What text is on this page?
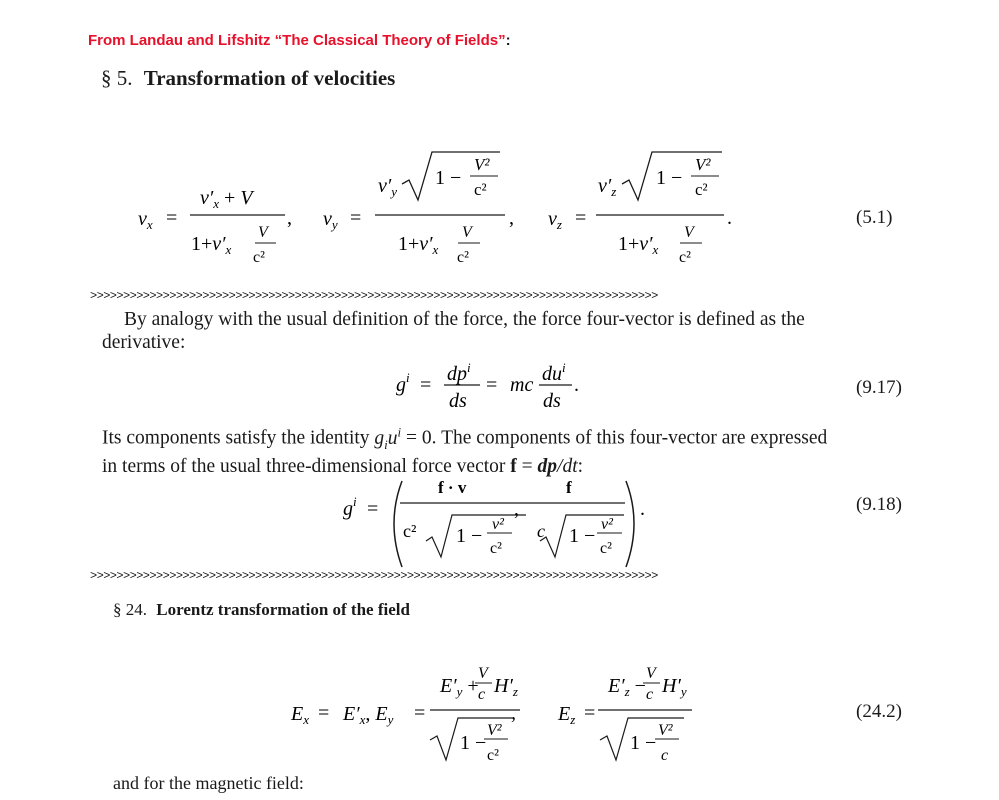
From Landau and Lifshitz “The Classical Theory of Fields”:
§ 5. Transformation of velocities
$v_x$ =
$v'_x + V$
$1+v'_x$
V
c²
, $v_y$ =
$v'_y$
1 −
V²
c²
$1+v'_x$
V
c²
, $v_z$ =
$v'_z$
1 −
V²
c²
$1+v'_x$
V
c²
.	(5.1)
>>>>>>>>>>>>>>>>>>>>>>>>>>>>>>>>>>>>>>>>>>>>>>>>>>>>>>>>>>>>>>>>>>>>>>>>>>>>>>>>>>>>>>
By analogy with the usual definition of the force, the force four-vector is defined as the
derivative:
$g^i = dp^i$
ds
= mc $du^i$
ds
.	(9.17)
Its components satisfy the identity $g_iu^i = 0$. The components of this four-vector are expressed
in terms of the usual three-dimensional force vector f = dp/dt:
$g^i$ =
f · v
c² 1 −
v²
c²
,
f
c 1 −
v²
c²
.	(9.18)
>>>>>>>>>>>>>>>>>>>>>>>>>>>>>>>>>>>>>>>>>>>>>>>>>>>>>>>>>>>>>>>>>>>>>>>>>>>>>>>>>>>>>>
§ 24. Lorentz transformation of the field
$E_x = E'_x$, $E_y$ =
$E'_y$ +
V
c $H'_z$
1 −
V²
c²
, $E_z$ =
$E'_z$ −
V
c $H'_y$
1 −
V²
c
(24.2)
and for the magnetic field:
